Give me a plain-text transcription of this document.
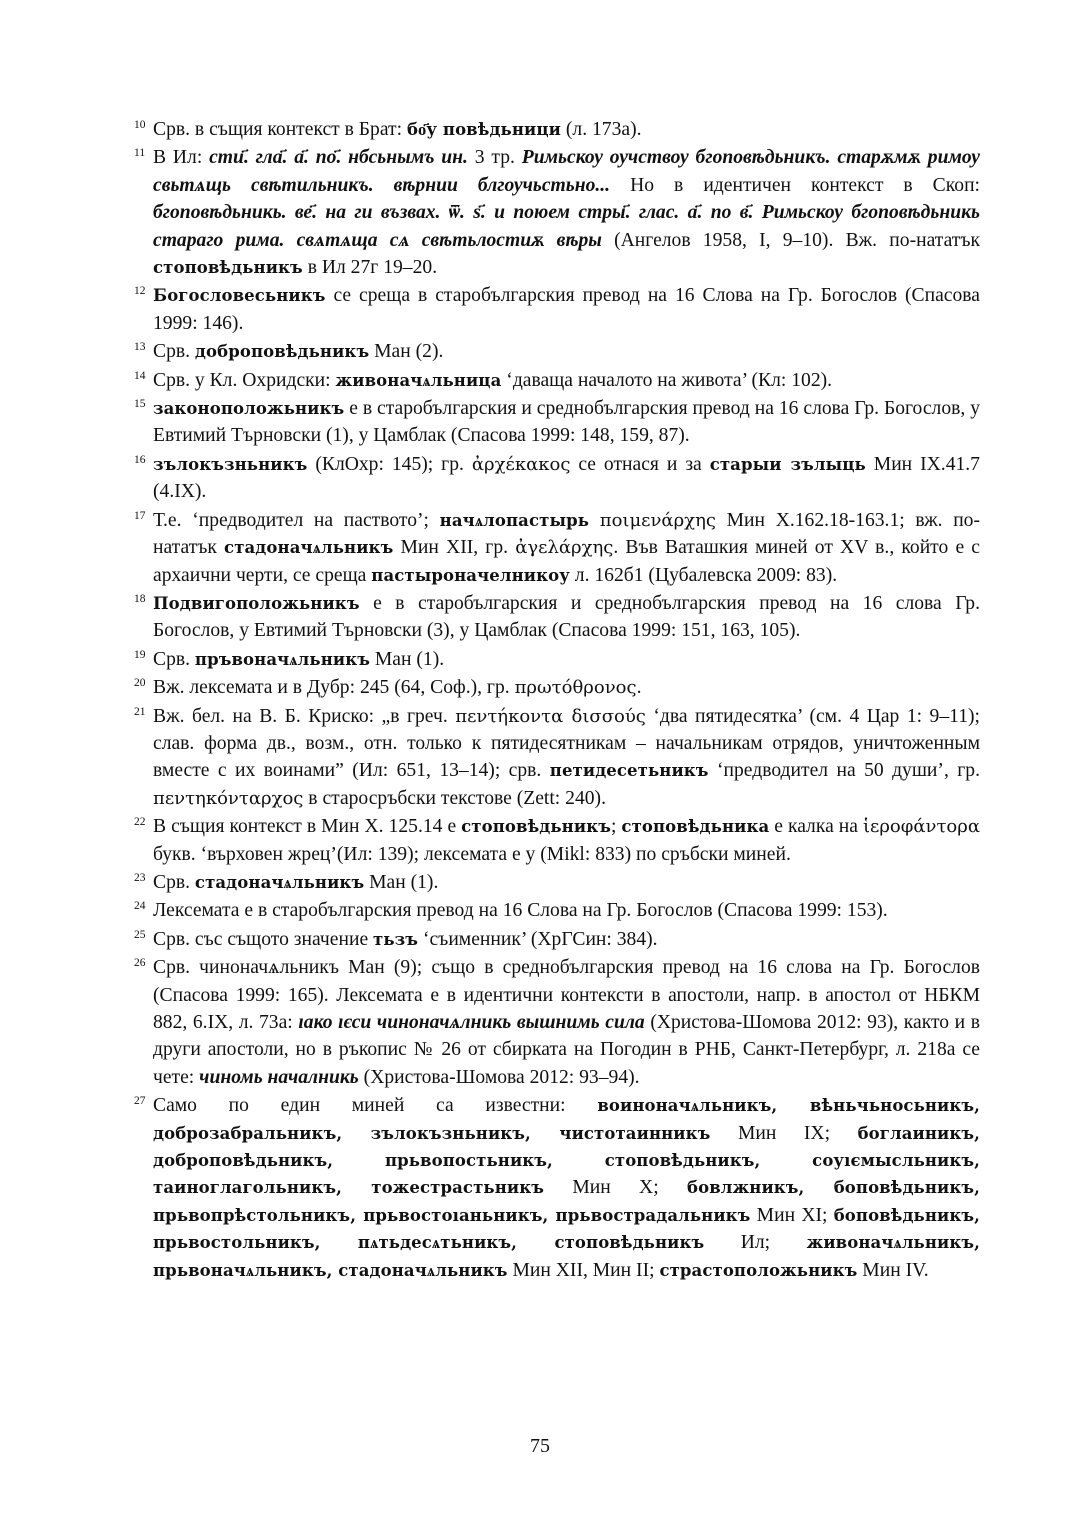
10 Срв. в същия контекст в Брат: бо҃у повѣдьници (л. 173а).
11 В Ил: сти҃. гла҃. а҃. по҃. нбсьнымъ ин. 3 тр. Римьскоу оучствоу бгоповѣдьникъ. старѫмѫ римоу свьтѧщь свѣтильникъ. вѣрнии блгоучьстьно... Но в идентичен контекст в Скоп: бгоповѣдьникь. ве҃. на ги възвах. ѿ. ѕ҃. и поюем стры҃. глас. а҃. по в҃. Римьскоу бгоповѣдьникь стараго рима. свѧтѧща сѧ свѣтьлостиѫ вѣры (Ангелов 1958, I, 9–10). Вж. по-нататък стоповѣдьникъ в Ил 27г 19–20.
12 Богословесьникъ се среща в старобългарския превод на 16 Слова на Гр. Богослов (Спасова 1999: 146).
13 Срв. доброповѣдьникъ Ман (2).
14 Срв. у Кл. Охридски: живоначѧльница ‘даваща началото на живота’ (Кл: 102).
15 законоположьникъ е в старобългарския и среднобългарския превод на 16 слова Гр. Богослов, у Евтимий Търновски (1), у Цамблак (Спасова 1999: 148, 159, 87).
16 зълокъзньникъ (КлОхр: 145); гр. ἀρχέκακος се отнася и за старыи зълыць Мин IX.41.7 (4.IX).
17 Т.е. ‘предводител на паството’; начѧлопастырь ποιμενάρχης Мин X.162.18-163.1; вж. по-нататък стадоначѧльникъ Мин XII, гр. ἀγελάρχης. Във Ваташкия миней от XV в., който е с архаични черти, се среща пастыроначелникоу л. 162б1 (Цубалевска 2009: 83).
18 Подвигоположьникъ е в старобългарския и среднобългарския превод на 16 слова Гр. Богослов, у Евтимий Търновски (3), у Цамблак (Спасова 1999: 151, 163, 105).
19 Срв. пръвоначѧльникъ Ман (1).
20 Вж. лексемата и в Дубр: 245 (64, Соф.), гр. πρωτόθρονος.
21 Вж. бел. на В. Б. Криско: „в греч. πεντήκοντα δισσούς ‘два пятидесятка’ (см. 4 Цар 1: 9–11); слав. форма дв., возм., отн. только к пятидесятникам – начальникам отрядов, уничтоженным вместе с их воинами” (Ил: 651, 13–14); срв. петидесетьникъ ‘предводител на 50 души’, гр. πεντηκόνταρχος в старосръбски текстове (Zett: 240).
22 В същия контекст в Мин X. 125.14 е стоповѣдьникъ; стоповѣдьника е калка на ἱεροφάντορα букв. ‘върховен жрец’(Ил: 139); лексемата е у (Mikl: 833) по сръбски миней.
23 Срв. стадоначѧльникъ Ман (1).
24 Лексемата е в старобългарския превод на 16 Слова на Гр. Богослов (Спасова 1999: 153).
25 Срв. със същото значение тьзъ ‘съименник’ (ХрГСин: 384).
26 Срв. чиноначѧльникъ Ман (9); също в среднобългарския превод на 16 слова на Гр. Богослов (Спасова 1999: 165). Лексемата е в идентични контексти в апостоли, напр. в апостол от НБКМ 882, 6.IX, л. 73а: ıако ıєси чиноначѧлникь вышнимь сила (Христова-Шомова 2012: 93), както и в други апостоли, но в ръкопис № 26 от сбирката на Погодин в РНБ, Санкт-Петербург, л. 218а се чете: чиномь началникь (Христова-Шомова 2012: 93–94).
27 Само по един миней са известни: воиноначѧльникъ, вѣньчьносьникъ, доброзабральникъ, зълокъзньникъ, чистотаинникъ Мин IX; боглаиникъ, доброповѣдьникъ, прьвопостьникъ, стоповѣдьникъ, соуıємысльникъ, таиноглагольникъ, тожестрастьникъ Мин X; бовлжникъ, боповѣдьникъ, прьвопрѣстольникъ, прьвостоıаньникъ, прьвострадальникъ Мин XI; боповѣдьникъ, прьвостольникъ, пѧтьдесѧтьникъ, стоповѣдьникъ Ил; живоначѧльникъ, прьвоначѧльникъ, стадоначѧльникъ Мин XII, Мин II; страстоположьникъ Мин IV.
75
